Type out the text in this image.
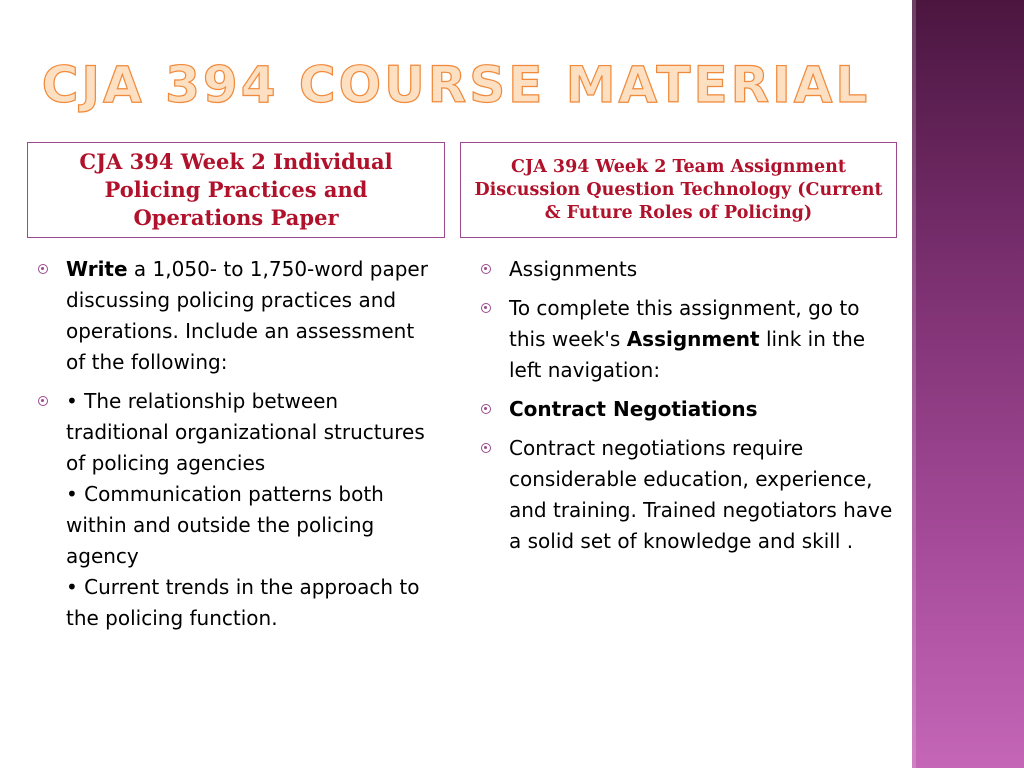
CJA 394 COURSE MATERIAL
CJA 394 Week 2 Individual Policing Practices and Operations Paper
CJA 394 Week 2 Team Assignment Discussion Question Technology (Current & Future Roles of Policing)
Write a 1,050- to 1,750-word paper discussing policing practices and operations. Include an assessment of the following:
• The relationship between traditional organizational structures of policing agencies
• Communication patterns both within and outside the policing agency
• Current trends in the approach to the policing function.
Assignments
To complete this assignment, go to this week's Assignment link in the left navigation:
Contract Negotiations
Contract negotiations require considerable education, experience, and training. Trained negotiators have a solid set of knowledge and skill .
